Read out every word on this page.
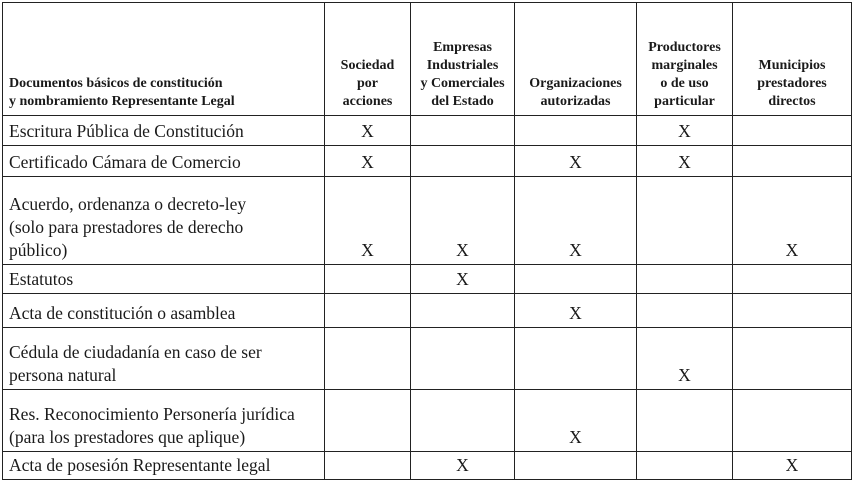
Documentos básicos de constitución
y nombramiento Representante Legal	Sociedad
por
acciones	Empresas
Industriales
y Comerciales
del Estado	Organizaciones
autorizadas	Productores
marginales
o de uso
particular	Municipios
prestadores
directos

Escritura Pública de Constitución	X			X	

Certificado Cámara de Comercio	X		X	X	

Acuerdo, ordenanza o decreto-ley
(solo para prestadores de derecho
público)	X	X	X		X

Estatutos		X			

Acta de constitución o asamblea			X		

Cédula de ciudadanía en caso de ser
persona natural				X	

Res. Reconocimiento Personería jurídica
(para los prestadores que aplique)			X		

Acta de posesión Representante legal		X			X
